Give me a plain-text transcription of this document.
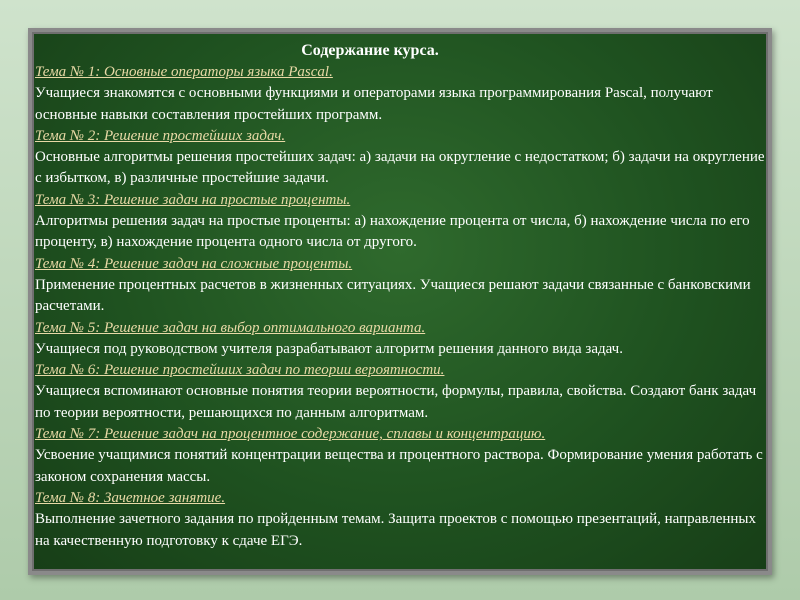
Содержание курса.
Тема № 1: Основные операторы языка Pascal.
Учащиеся знакомятся с основными функциями и операторами языка программирования Pascal, получают основные навыки составления простейших программ.
Тема № 2: Решение простейших задач.
Основные алгоритмы решения простейших задач: а) задачи на округление с недостатком; б) задачи на округление с избытком, в) различные простейшие задачи.
Тема № 3: Решение задач на простые проценты.
Алгоритмы решения задач на простые проценты: а) нахождение процента от числа, б) нахождение числа по его проценту, в) нахождение процента одного числа от другого.
Тема № 4: Решение задач на сложные проценты.
Применение процентных расчетов в жизненных ситуациях. Учащиеся решают задачи связанные с банковскими расчетами.
Тема № 5: Решение задач на выбор оптимального варианта.
Учащиеся под руководством учителя разрабатывают алгоритм решения данного вида задач.
Тема № 6: Решение простейших задач по теории вероятности.
Учащиеся вспоминают основные понятия теории вероятности, формулы, правила, свойства. Создают банк задач по теории вероятности, решающихся по данным алгоритмам.
Тема № 7: Решение задач на процентное содержание, сплавы и концентрацию.
Усвоение учащимися понятий концентрации вещества и процентного раствора. Формирование умения работать с законом сохранения массы.
Тема № 8: Зачетное занятие.
Выполнение зачетного задания по пройденным темам. Защита проектов с помощью презентаций, направленных на качественную подготовку к сдаче ЕГЭ.
